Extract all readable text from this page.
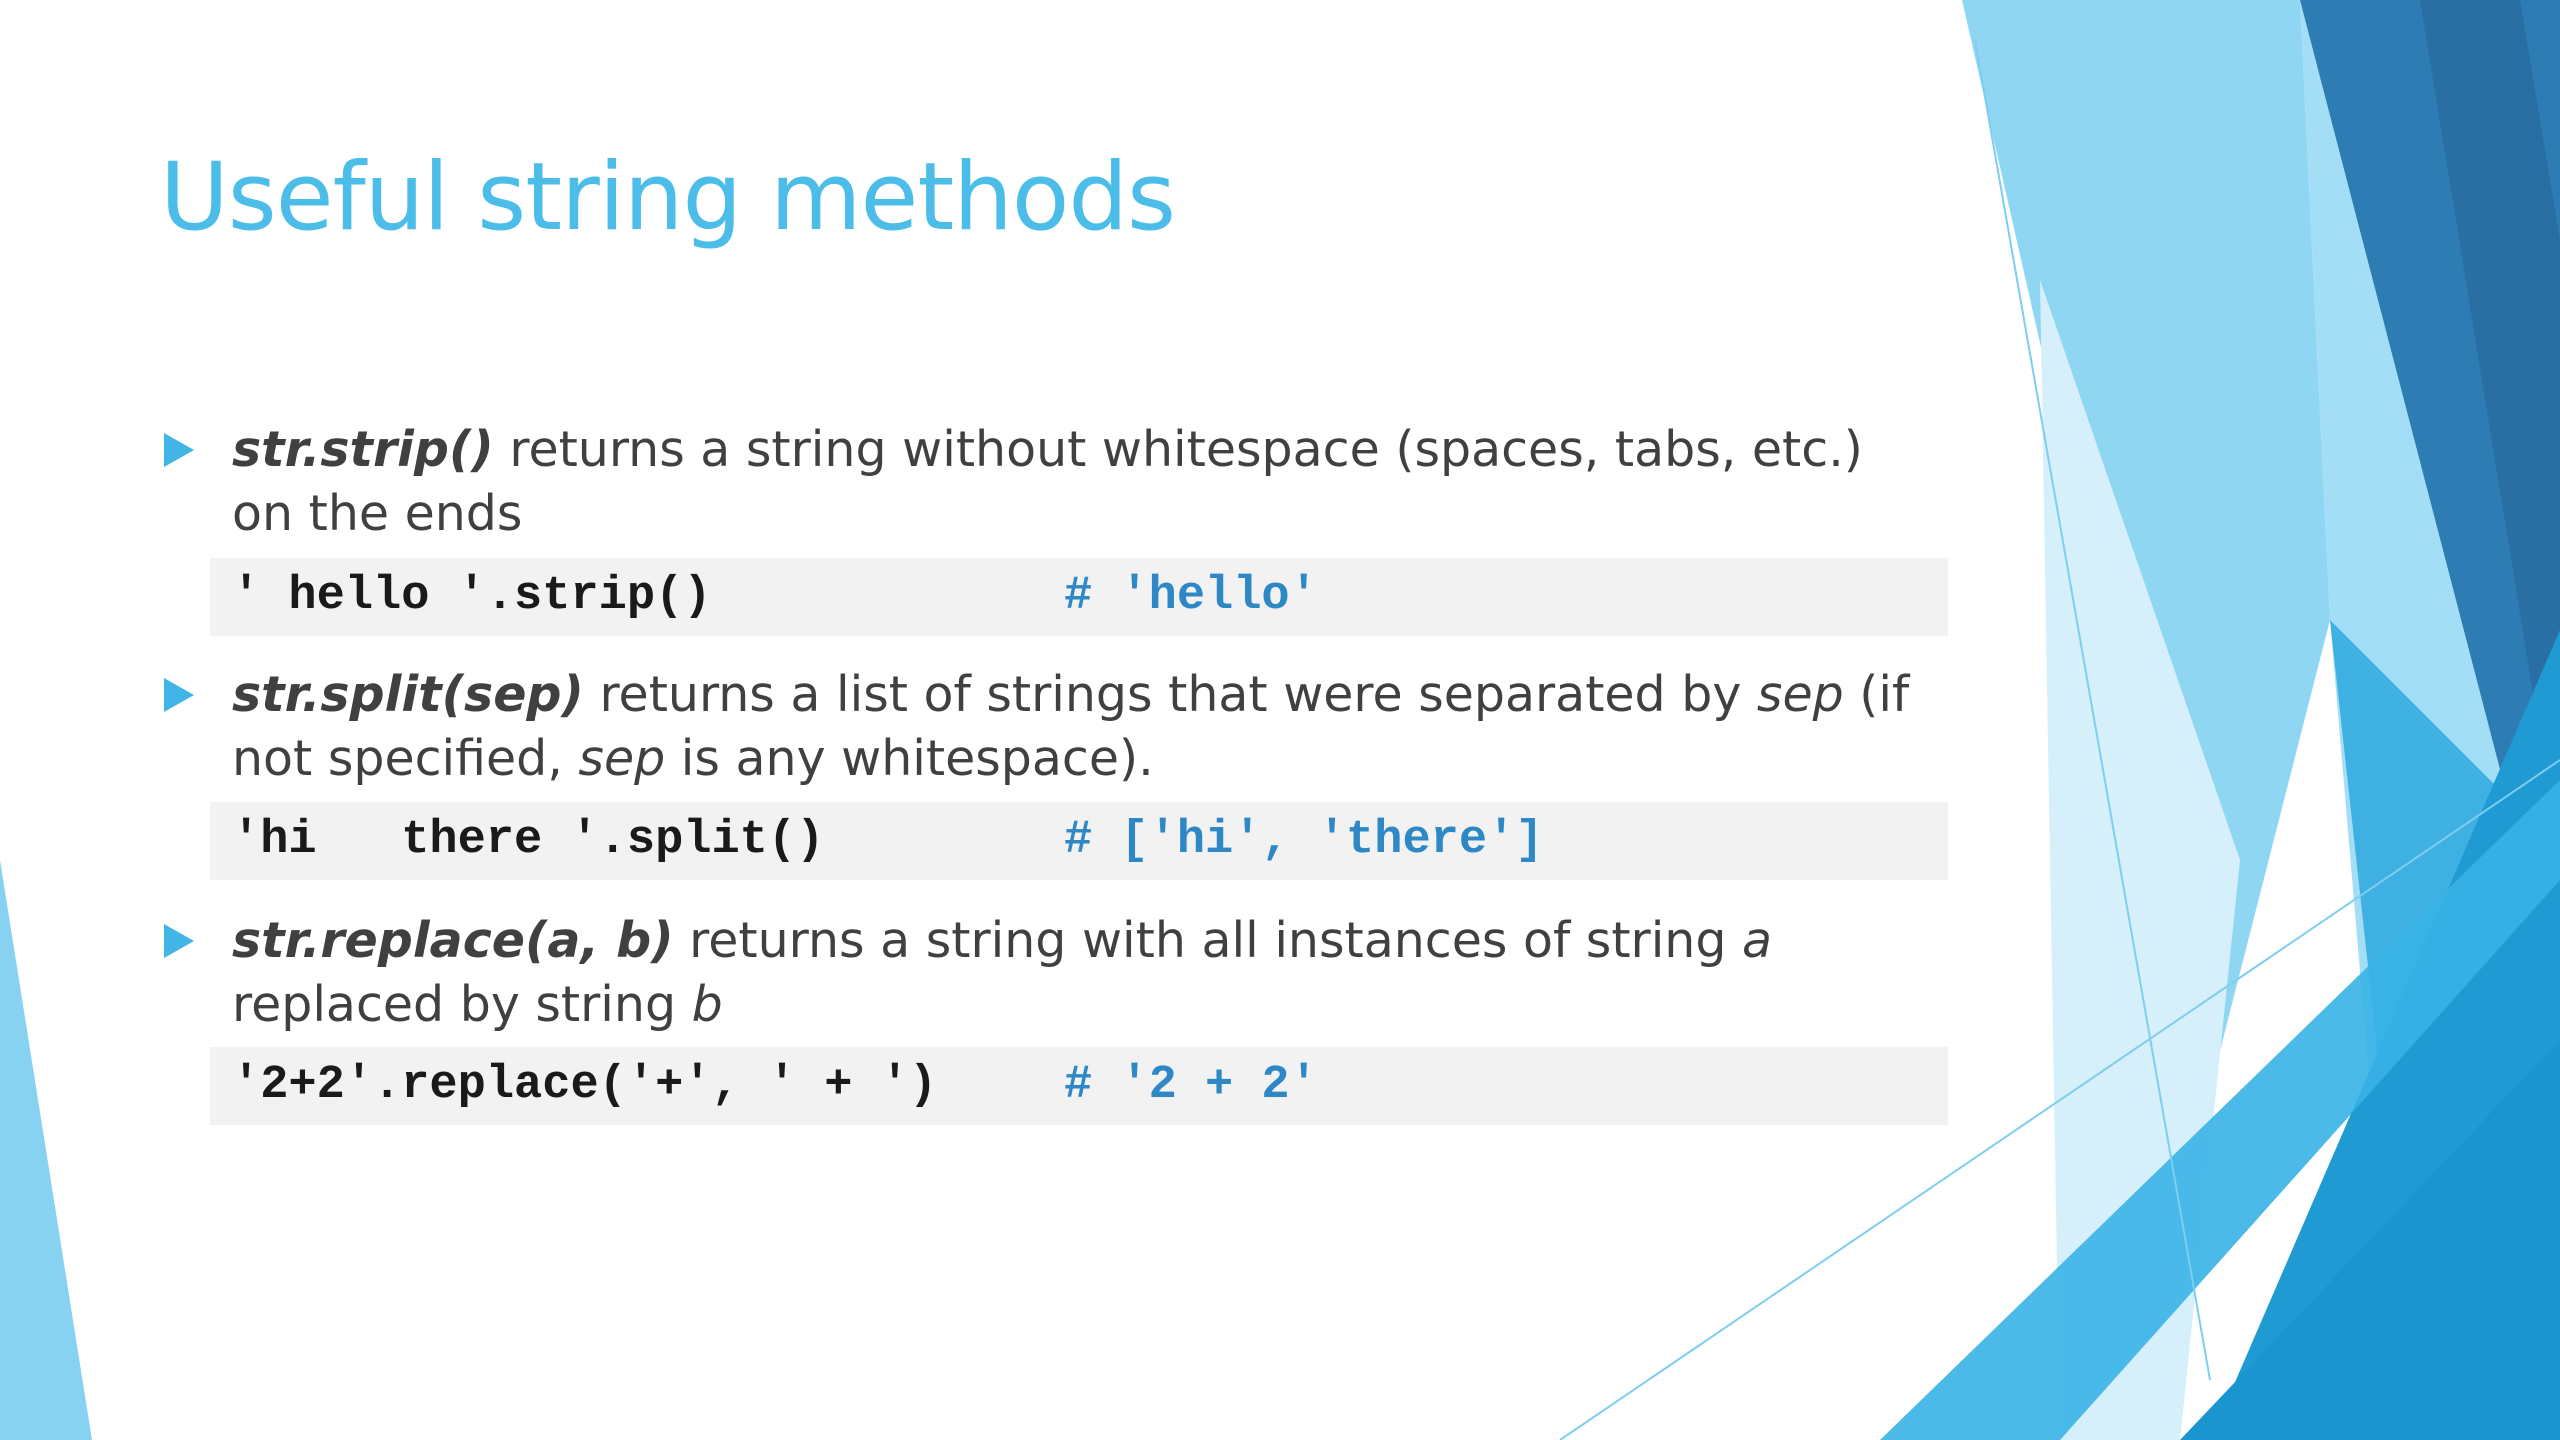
Useful string methods

str.strip() returns a string without whitespace (spaces, tabs, etc.) on the ends

' hello '.strip()	# 'hello'

str.split(sep) returns a list of strings that were separated by sep (if not specified, sep is any whitespace).

'hi   there '.split()	# ['hi', 'there']

str.replace(a, b) returns a string with all instances of string a
replaced by string b

'2+2'.replace('+', ' + ')	# '2 + 2'
